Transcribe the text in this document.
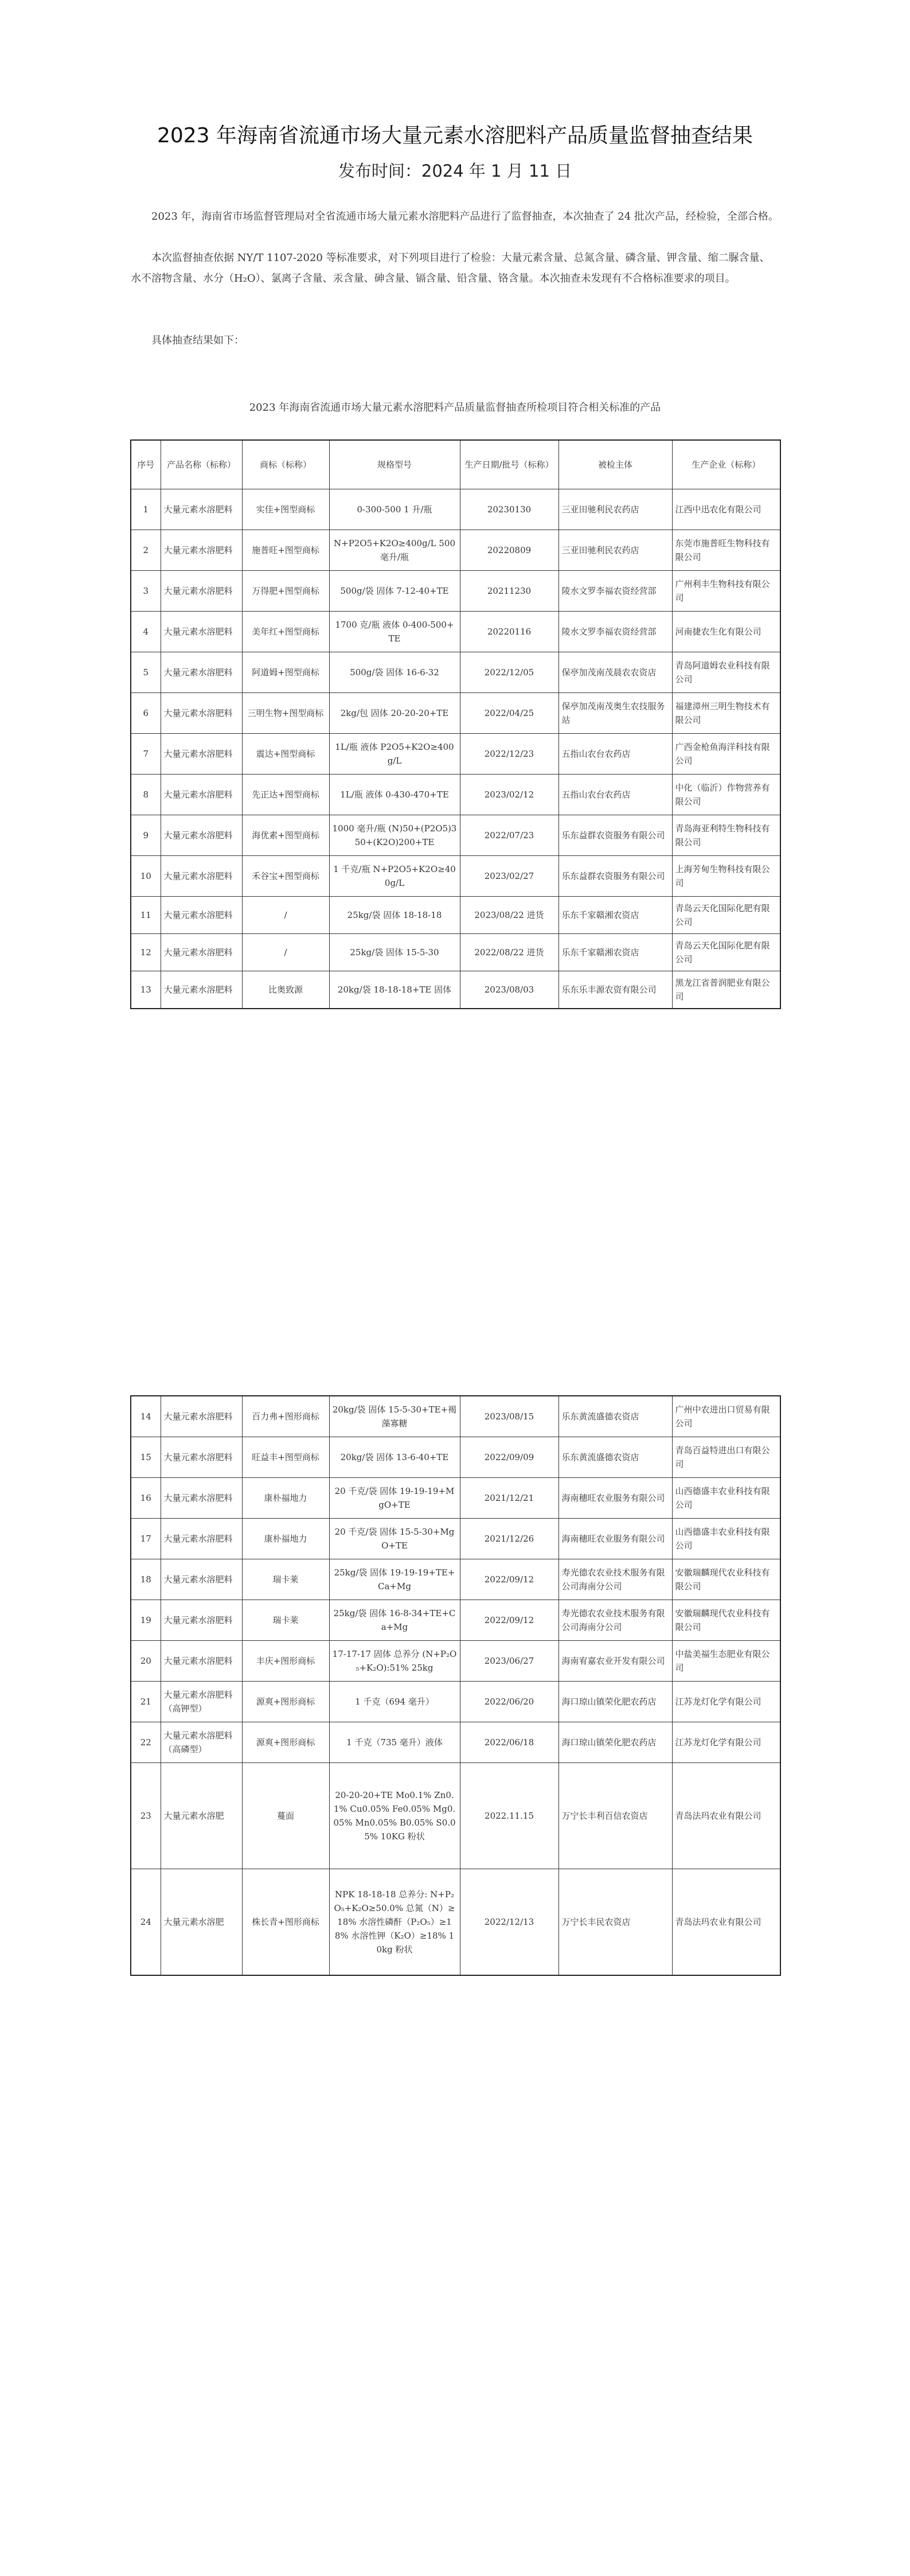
2023 年海南省流通市场大量元素水溶肥料产品质量监督抽查结果
发布时间：2024 年 1 月 11 日

2023 年，海南省市场监督管理局对全省流通市场大量元素水溶肥料产品进行了监督抽查，本次抽查了 24 批次产品，经检验，全部合格。

本次监督抽查依据 NY/T 1107-2020 等标准要求，对下列项目进行了检验：大量元素含量、总氮含量、磷含量、钾含量、缩二脲含量、水不溶物含量、水分（H₂O）、氯离子含量、汞含量、砷含量、镉含量、铅含量、铬含量。本次抽查未发现有不合格标准要求的项目。

具体抽查结果如下：

2023 年海南省流通市场大量元素水溶肥料产品质量监督抽查所检项目符合相关标准的产品
序号	产品名称（标称）	商标（标称）	规格型号	生产日期/批号（标称）	被检主体	生产企业（标称）
1	大量元素水溶肥料	实佳+图型商标	0-300-500 1 升/瓶	20230130	三亚田驰利民农药店	江西中迅农化有限公司
2	大量元素水溶肥料	施普旺+图型商标	N+P2O5+K2O≥400g/L 500毫升/瓶	20220809	三亚田驰利民农药店	东莞市施普旺生物科技有限公司
3	大量元素水溶肥料	万得肥+图型商标	500g/袋 固体 7-12-40+TE	20211230	陵水文罗李福农资经营部	广州利丰生物科技有限公司
4	大量元素水溶肥料	美年红+图型商标	1700 克/瓶 液体 0-400-500+TE	20220116	陵水文罗李福农资经营部	河南捷农生化有限公司
5	大量元素水溶肥料	阿道姆+图型商标	500g/袋 固体 16-6-32	2022/12/05	保亭加茂南茂晨农农资店	青岛阿道姆农业科技有限公司
6	大量元素水溶肥料	三明生物+图型商标	2kg/包 固体 20-20-20+TE	2022/04/25	保亭加茂南茂奥生农技服务站	福建漳州三明生物技术有限公司
7	大量元素水溶肥料	震达+图型商标	1L/瓶 液体 P2O5+K2O≥400g/L	2022/12/23	五指山农台农药店	广西金枪鱼海洋科技有限公司
8	大量元素水溶肥料	先正达+图型商标	1L/瓶 液体 0-430-470+TE	2023/02/12	五指山农台农药店	中化（临沂）作物营养有限公司
9	大量元素水溶肥料	海优素+图型商标	1000 毫升/瓶 (N)50+(P2O5)350+(K2O)200+TE	2022/07/23	乐东益群农资服务有限公司	青岛海亚利特生物科技有限公司
10	大量元素水溶肥料	禾谷宝+图型商标	1 千克/瓶 N+P2O5+K2O≥400g/L	2023/02/27	乐东益群农资服务有限公司	上海芳甸生物科技有限公司
11	大量元素水溶肥料	/	25kg/袋 固体 18-18-18	2023/08/22 进货	乐东千家赣湘农资店	青岛云天化国际化肥有限公司
12	大量元素水溶肥料	/	25kg/袋 固体 15-5-30	2022/08/22 进货	乐东千家赣湘农资店	青岛云天化国际化肥有限公司
13	大量元素水溶肥料	比奥致源	20kg/袋 18-18-18+TE 固体	2023/08/03	乐东乐丰源农资有限公司	黑龙江省普润肥业有限公司
14	大量元素水溶肥料	百力弗+图形商标	20kg/袋 固体 15-5-30+TE+褐藻寡糖	2023/08/15	乐东黄流盛德农资店	广州中农进出口贸易有限公司
15	大量元素水溶肥料	旺益丰+图型商标	20kg/袋 固体 13-6-40+TE	2022/09/09	乐东黄流盛德农资店	青岛百益特进出口有限公司
16	大量元素水溶肥料	康朴福地力	20 千克/袋 固体 19-19-19+MgO+TE	2021/12/21	海南穗旺农业服务有限公司	山西德盛丰农业科技有限公司
17	大量元素水溶肥料	康朴福地力	20 千克/袋 固体 15-5-30+MgO+TE	2021/12/26	海南穗旺农业服务有限公司	山西德盛丰农业科技有限公司
18	大量元素水溶肥料	瑞卡莱	25kg/袋 固体 19-19-19+TE+Ca+Mg	2022/09/12	寿光德农农业技术服务有限公司海南分公司	安徽瑞麟现代农业科技有限公司
19	大量元素水溶肥料	瑞卡莱	25kg/袋 固体 16-8-34+TE+Ca+Mg	2022/09/12	寿光德农农业技术服务有限公司海南分公司	安徽瑞麟现代农业科技有限公司
20	大量元素水溶肥料	丰庆+图形商标	17-17-17 固体 总养分 (N+P₂O₅+K₂O):51% 25kg	2023/06/27	海南宥嘉农业开发有限公司	中盐美福生态肥业有限公司
21	大量元素水溶肥料（高钾型）	源爽+图形商标	1 千克（694 毫升）	2022/06/20	海口琼山镇荣化肥农药店	江苏龙灯化学有限公司
22	大量元素水溶肥料（高磷型）	源爽+图形商标	1 千克（735 毫升）液体	2022/06/18	海口琼山镇荣化肥农药店	江苏龙灯化学有限公司
23	大量元素水溶肥	蔓面	20-20-20+TE Mo0.1% Zn0.1% Cu0.05% Fe0.05% Mg0.05% Mn0.05% B0.05% S0.05% 10KG 粉状	2022.11.15	万宁长丰利百信农资店	青岛法玛农业有限公司
24	大量元素水溶肥	株长青+图形商标	NPK 18-18-18 总养分: N+P₂O₅+K₂O≥50.0% 总氮（N）≥18% 水溶性磷酐（P₂O₅）≥18% 水溶性钾（K₂O）≥18% 10kg 粉状	2022/12/13	万宁长丰民农资店	青岛法玛农业有限公司
